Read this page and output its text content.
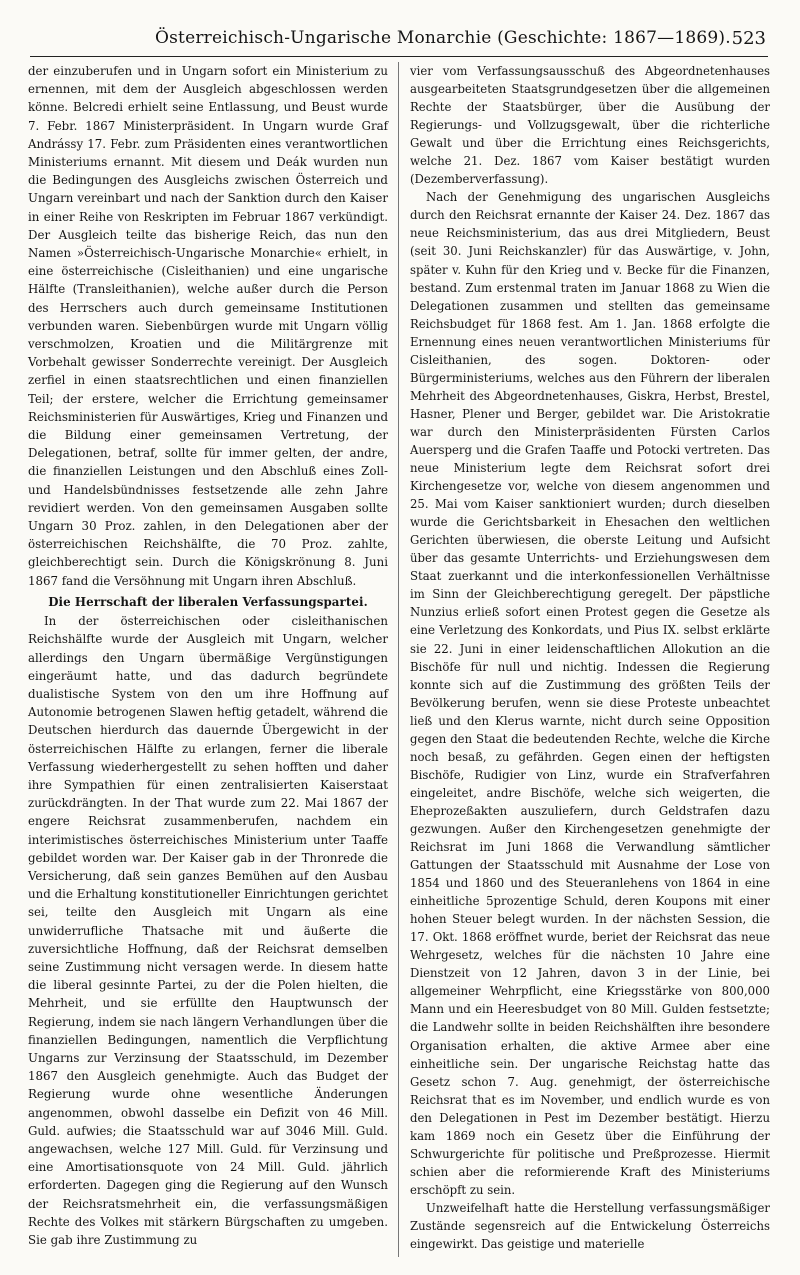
Österreichisch-Ungarische Monarchie (Geschichte: 1867—1869). 523

der einzuberufen und in Ungarn sofort ein Ministerium zu ernennen, mit dem der Ausgleich abgeschlossen werden könne. Belcredi erhielt seine Entlassung, und Beust wurde 7. Febr. 1867 Ministerpräsident. In Ungarn wurde Graf Andrássy 17. Febr. zum Präsidenten eines verantwortlichen Ministeriums ernannt. Mit diesem und Deák wurden nun die Bedingungen des Ausgleichs zwischen Österreich und Ungarn vereinbart und nach der Sanktion durch den Kaiser in einer Reihe von Reskripten im Februar 1867 verkündigt. Der Ausgleich teilte das bisherige Reich, das nun den Namen »Österreichisch-Ungarische Monarchie« erhielt, in eine österreichische (Cisleithanien) und eine ungarische Hälfte (Transleithanien), welche außer durch die Person des Herrschers auch durch gemeinsame Institutionen verbunden waren. Siebenbürgen wurde mit Ungarn völlig verschmolzen, Kroatien und die Militärgrenze mit Vorbehalt gewisser Sonderrechte vereinigt. Der Ausgleich zerfiel in einen staatsrechtlichen und einen finanziellen Teil; der erstere, welcher die Errichtung gemeinsamer Reichsministerien für Auswärtiges, Krieg und Finanzen und die Bildung einer gemeinsamen Vertretung, der Delegationen, betraf, sollte für immer gelten, der andre, die finanziellen Leistungen und den Abschluß eines Zoll- und Handelsbündnisses festsetzende alle zehn Jahre revidiert werden. Von den gemeinsamen Ausgaben sollte Ungarn 30 Proz. zahlen, in den Delegationen aber der österreichischen Reichshälfte, die 70 Proz. zahlte, gleichberechtigt sein. Durch die Königskrönung 8. Juni 1867 fand die Versöhnung mit Ungarn ihren Abschluß.

Die Herrschaft der liberalen Verfassungspartei.

In der österreichischen oder cisleithanischen Reichshälfte wurde der Ausgleich mit Ungarn, welcher allerdings den Ungarn übermäßige Vergünstigungen eingeräumt hatte, und das dadurch begründete dualistische System von den um ihre Hoffnung auf Autonomie betrogenen Slawen heftig getadelt, während die Deutschen hierdurch das dauernde Übergewicht in der österreichischen Hälfte zu erlangen, ferner die liberale Verfassung wiederhergestellt zu sehen hofften und daher ihre Sympathien für einen zentralisierten Kaiserstaat zurückdrängten. In der That wurde zum 22. Mai 1867 der engere Reichsrat zusammenberufen, nachdem ein interimistisches österreichisches Ministerium unter Taaffe gebildet worden war. Der Kaiser gab in der Thronrede die Versicherung, daß sein ganzes Bemühen auf den Ausbau und die Erhaltung konstitutioneller Einrichtungen gerichtet sei, teilte den Ausgleich mit Ungarn als eine unwiderrufliche Thatsache mit und äußerte die zuversichtliche Hoffnung, daß der Reichsrat demselben seine Zustimmung nicht versagen werde. In diesem hatte die liberal gesinnte Partei, zu der die Polen hielten, die Mehrheit, und sie erfüllte den Hauptwunsch der Regierung, indem sie nach längern Verhandlungen über die finanziellen Bedingungen, namentlich die Verpflichtung Ungarns zur Verzinsung der Staatsschuld, im Dezember 1867 den Ausgleich genehmigte. Auch das Budget der Regierung wurde ohne wesentliche Änderungen angenommen, obwohl dasselbe ein Defizit von 46 Mill. Guld. aufwies; die Staatsschuld war auf 3046 Mill. Guld. angewachsen, welche 127 Mill. Guld. für Verzinsung und eine Amortisationsquote von 24 Mill. Guld. jährlich erforderten. Dagegen ging die Regierung auf den Wunsch der Reichsratsmehrheit ein, die verfassungsmäßigen Rechte des Volkes mit stärkern Bürgschaften zu umgeben. Sie gab ihre Zustimmung zu

vier vom Verfassungsausschuß des Abgeordnetenhauses ausgearbeiteten Staatsgrundgesetzen über die allgemeinen Rechte der Staatsbürger, über die Ausübung der Regierungs- und Vollzugsgewalt, über die richterliche Gewalt und über die Errichtung eines Reichsgerichts, welche 21. Dez. 1867 vom Kaiser bestätigt wurden (Dezemberverfassung).

Nach der Genehmigung des ungarischen Ausgleichs durch den Reichsrat ernannte der Kaiser 24. Dez. 1867 das neue Reichsministerium, das aus drei Mitgliedern, Beust (seit 30. Juni Reichskanzler) für das Auswärtige, v. John, später v. Kuhn für den Krieg und v. Becke für die Finanzen, bestand. Zum erstenmal traten im Januar 1868 zu Wien die Delegationen zusammen und stellten das gemeinsame Reichsbudget für 1868 fest. Am 1. Jan. 1868 erfolgte die Ernennung eines neuen verantwortlichen Ministeriums für Cisleithanien, des sogen. Doktoren- oder Bürgerministeriums, welches aus den Führern der liberalen Mehrheit des Abgeordnetenhauses, Giskra, Herbst, Brestel, Hasner, Plener und Berger, gebildet war. Die Aristokratie war durch den Ministerpräsidenten Fürsten Carlos Auersperg und die Grafen Taaffe und Potocki vertreten. Das neue Ministerium legte dem Reichsrat sofort drei Kirchengesetze vor, welche von diesem angenommen und 25. Mai vom Kaiser sanktioniert wurden; durch dieselben wurde die Gerichtsbarkeit in Ehesachen den weltlichen Gerichten überwiesen, die oberste Leitung und Aufsicht über das gesamte Unterrichts- und Erziehungswesen dem Staat zuerkannt und die interkonfessionellen Verhältnisse im Sinn der Gleichberechtigung geregelt. Der päpstliche Nunzius erließ sofort einen Protest gegen die Gesetze als eine Verletzung des Konkordats, und Pius IX. selbst erklärte sie 22. Juni in einer leidenschaftlichen Allokution an die Bischöfe für null und nichtig. Indessen die Regierung konnte sich auf die Zustimmung des größten Teils der Bevölkerung berufen, wenn sie diese Proteste unbeachtet ließ und den Klerus warnte, nicht durch seine Opposition gegen den Staat die bedeutenden Rechte, welche die Kirche noch besaß, zu gefährden. Gegen einen der heftigsten Bischöfe, Rudigier von Linz, wurde ein Strafverfahren eingeleitet, andre Bischöfe, welche sich weigerten, die Eheprozeßakten auszuliefern, durch Geldstrafen dazu gezwungen. Außer den Kirchengesetzen genehmigte der Reichsrat im Juni 1868 die Verwandlung sämtlicher Gattungen der Staatsschuld mit Ausnahme der Lose von 1854 und 1860 und des Steueranlehens von 1864 in eine einheitliche 5prozentige Schuld, deren Koupons mit einer hohen Steuer belegt wurden. In der nächsten Session, die 17. Okt. 1868 eröffnet wurde, beriet der Reichsrat das neue Wehrgesetz, welches für die nächsten 10 Jahre eine Dienstzeit von 12 Jahren, davon 3 in der Linie, bei allgemeiner Wehrpflicht, eine Kriegsstärke von 800,000 Mann und ein Heeresbudget von 80 Mill. Gulden festsetzte; die Landwehr sollte in beiden Reichshälften ihre besondere Organisation erhalten, die aktive Armee aber eine einheitliche sein. Der ungarische Reichstag hatte das Gesetz schon 7. Aug. genehmigt, der österreichische Reichsrat that es im November, und endlich wurde es von den Delegationen in Pest im Dezember bestätigt. Hierzu kam 1869 noch ein Gesetz über die Einführung der Schwurgerichte für politische und Preßprozesse. Hiermit schien aber die reformierende Kraft des Ministeriums erschöpft zu sein.

Unzweifelhaft hatte die Herstellung verfassungsmäßiger Zustände segensreich auf die Entwickelung Österreichs eingewirkt. Das geistige und materielle
